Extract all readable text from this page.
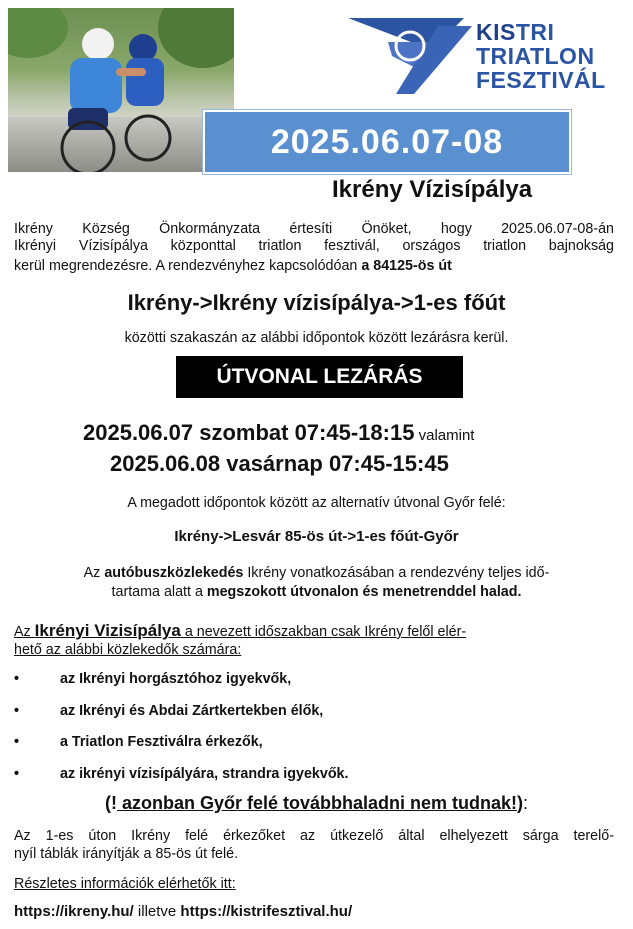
KISTRI
TRIATLON
FESZTIVÁL
2025.06.07-08
Ikrény Vízisípálya
Ikrény Község Önkormányzata értesíti Önöket, hogy 2025.06.07-08-án
Ikrényi Vízisípálya központtal triatlon fesztivál, országos triatlon bajnokság
kerül megrendezésre. A rendezvényhez kapcsolódóan a 84125-ös út
Ikrény->Ikrény vízisípálya->1-es főút
közötti szakaszán az alábbi időpontok között lezárásra kerül.
ÚTVONAL LEZÁRÁS
2025.06.07 szombat 07:45-18:15 valamint
2025.06.08 vasárnap 07:45-15:45
A megadott időpontok között az alternatív útvonal Győr felé:
Ikrény->Lesvár 85-ös út->1-es főút-Győr
Az autóbuszközlekedés Ikrény vonatkozásában a rendezvény teljes idő-
tartama alatt a megszokott útvonalon és menetrenddel halad.
Az Ikrényi Vizisípálya a nevezett időszakban csak Ikrény felől elér-
hető az alábbi közlekedők számára:
•	az Ikrényi horgásztóhoz igyekvők,
•	az Ikrényi és Abdai Zártkertekben élők,
•	a Triatlon Fesztiválra érkezők,
•	az ikrényi vízisípályára, strandra igyekvők.
(! azonban Győr felé továbbhaladni nem tudnak!):
Az 1-es úton Ikrény felé érkezőket az útkezelő által elhelyezett sárga terelő-
nyíl táblák irányítják a 85-ös út felé.
Részletes információk elérhetők itt:
https://ikreny.hu/ illetve https://kistrifesztival.hu/
